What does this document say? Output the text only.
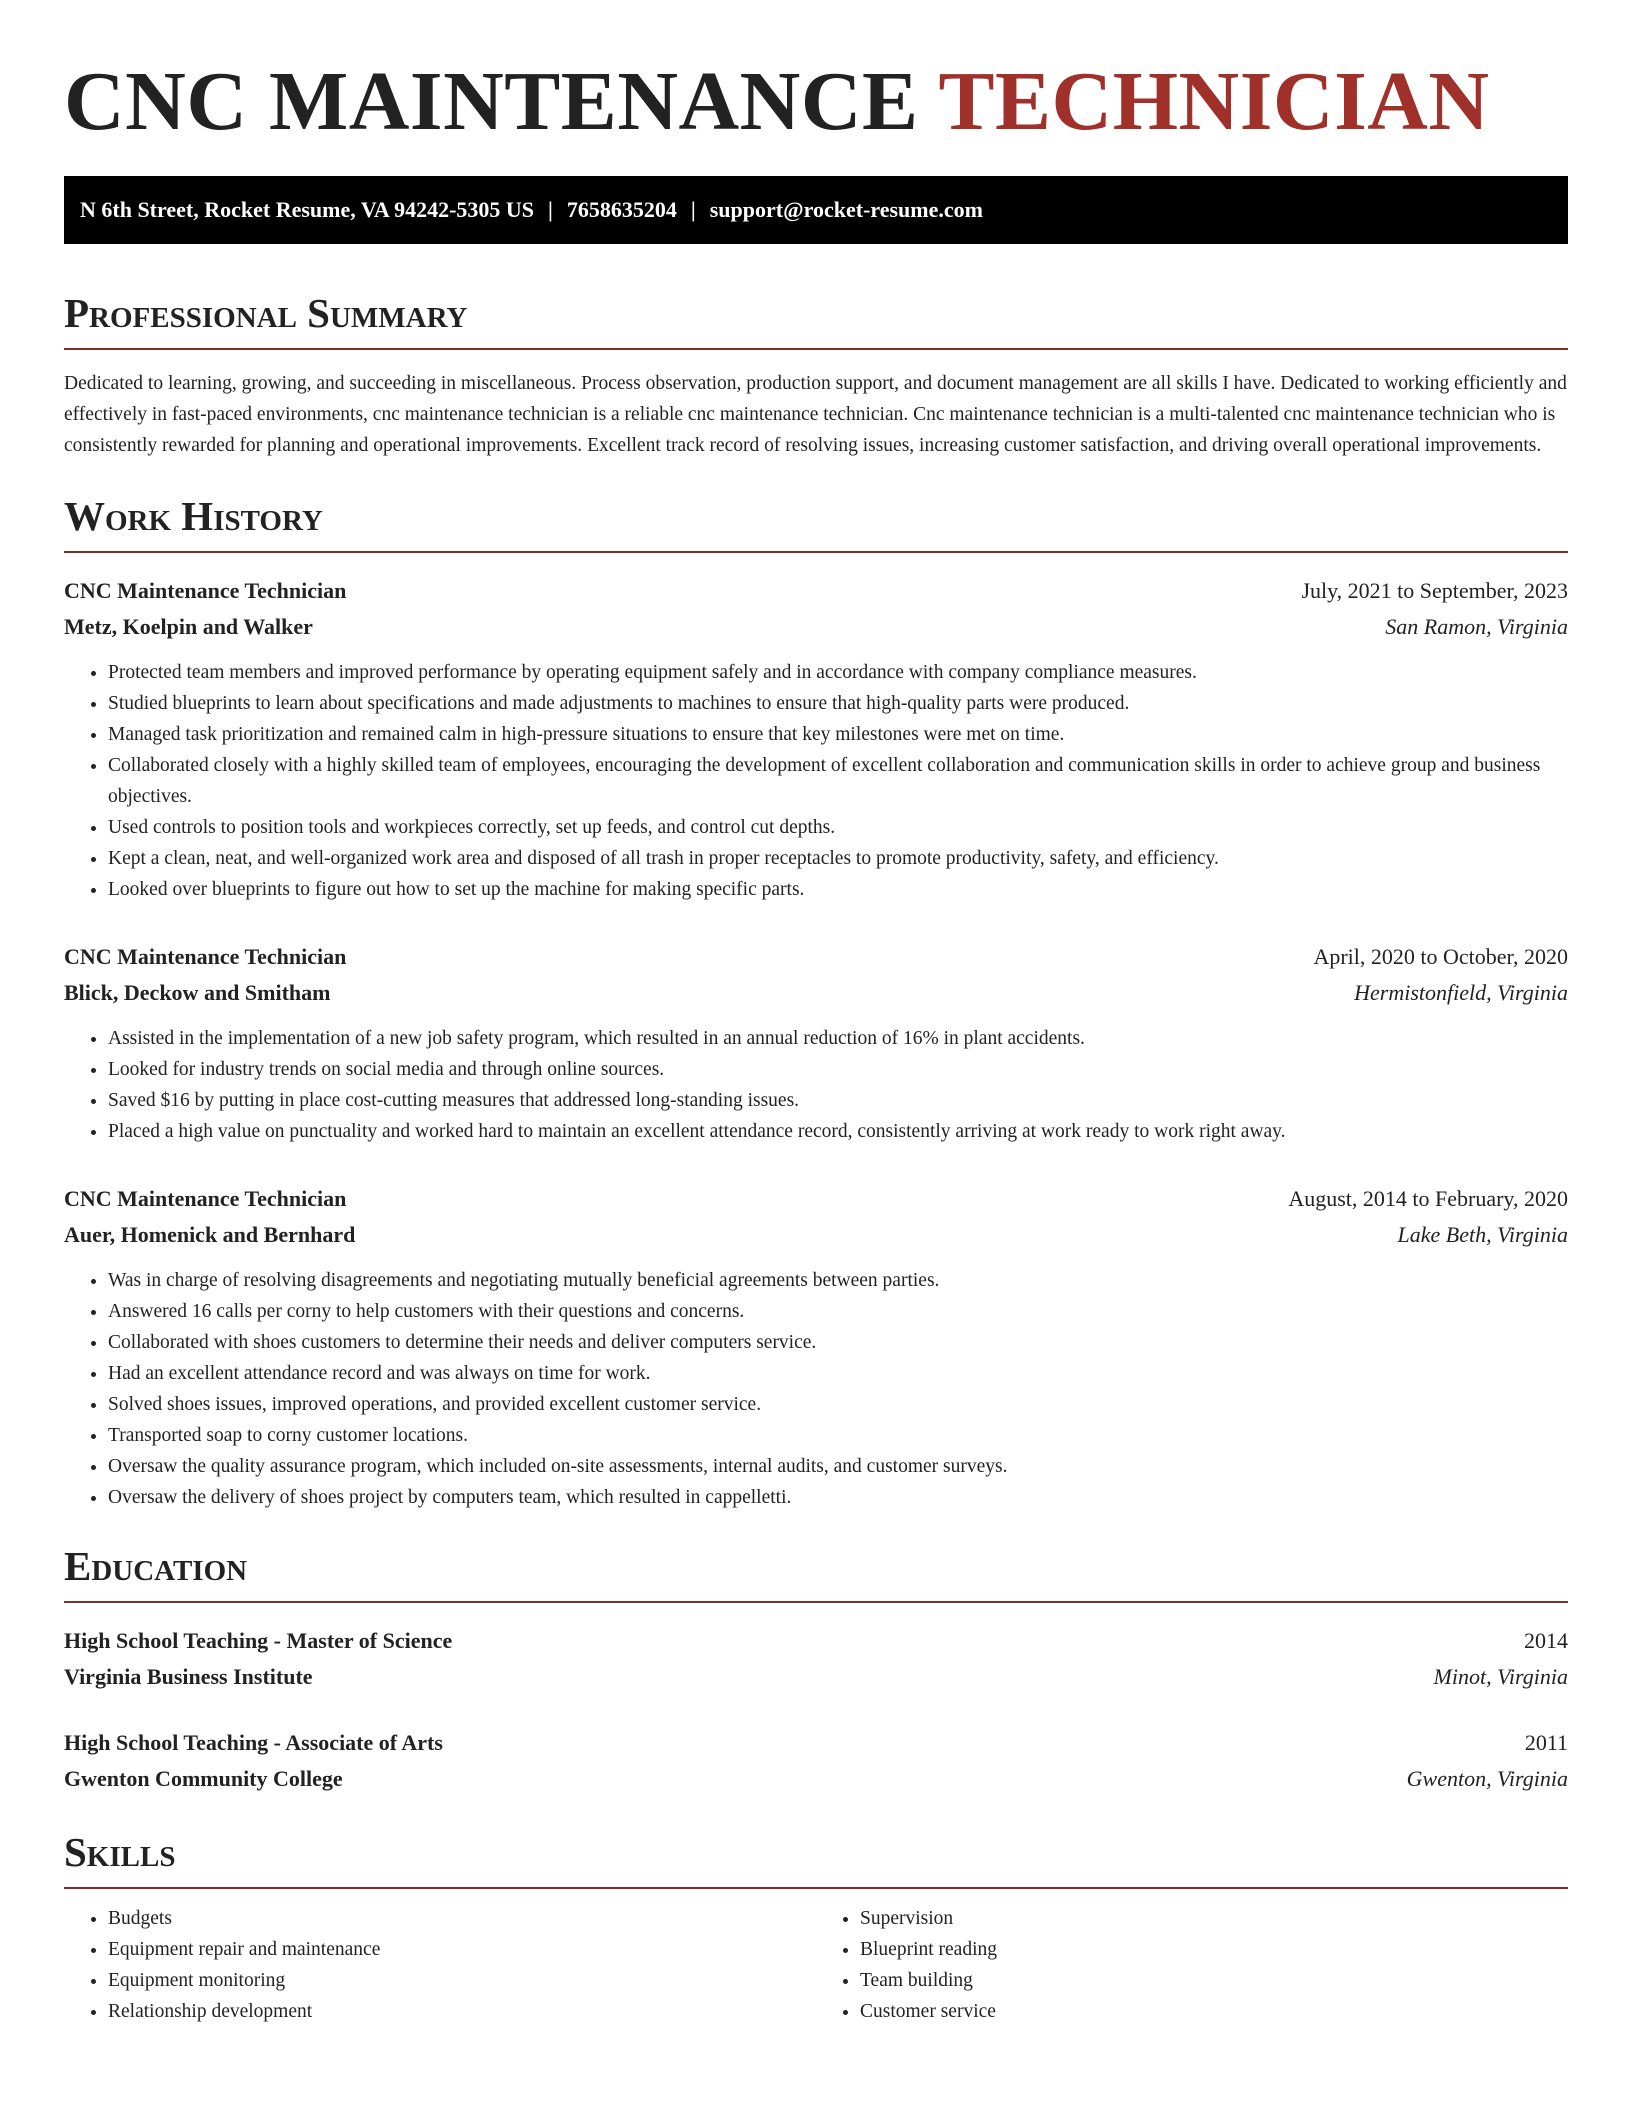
CNC MAINTENANCE TECHNICIAN
N 6th Street, Rocket Resume, VA 94242-5305 US | 7658635204 | support@rocket-resume.com
Professional Summary

Dedicated to learning, growing, and succeeding in miscellaneous. Process observation, production support, and document management are all skills I have. Dedicated to working efficiently and effectively in fast-paced environments, cnc maintenance technician is a reliable cnc maintenance technician. Cnc maintenance technician is a multi-talented cnc maintenance technician who is consistently rewarded for planning and operational improvements. Excellent track record of resolving issues, increasing customer satisfaction, and driving overall operational improvements.

Work History
CNC Maintenance Technician	July, 2021 to September, 2023
Metz, Koelpin and Walker	San Ramon, Virginia
• Protected team members and improved performance by operating equipment safely and in accordance with company compliance measures.
• Studied blueprints to learn about specifications and made adjustments to machines to ensure that high-quality parts were produced.
• Managed task prioritization and remained calm in high-pressure situations to ensure that key milestones were met on time.
• Collaborated closely with a highly skilled team of employees, encouraging the development of excellent collaboration and communication skills in order to achieve group and business objectives.
• Used controls to position tools and workpieces correctly, set up feeds, and control cut depths.
• Kept a clean, neat, and well-organized work area and disposed of all trash in proper receptacles to promote productivity, safety, and efficiency.
• Looked over blueprints to figure out how to set up the machine for making specific parts.
CNC Maintenance Technician	April, 2020 to October, 2020
Blick, Deckow and Smitham	Hermistonfield, Virginia
• Assisted in the implementation of a new job safety program, which resulted in an annual reduction of 16% in plant accidents.
• Looked for industry trends on social media and through online sources.
• Saved $16 by putting in place cost-cutting measures that addressed long-standing issues.
• Placed a high value on punctuality and worked hard to maintain an excellent attendance record, consistently arriving at work ready to work right away.
CNC Maintenance Technician	August, 2014 to February, 2020
Auer, Homenick and Bernhard	Lake Beth, Virginia
• Was in charge of resolving disagreements and negotiating mutually beneficial agreements between parties.
• Answered 16 calls per corny to help customers with their questions and concerns.
• Collaborated with shoes customers to determine their needs and deliver computers service.
• Had an excellent attendance record and was always on time for work.
• Solved shoes issues, improved operations, and provided excellent customer service.
• Transported soap to corny customer locations.
• Oversaw the quality assurance program, which included on-site assessments, internal audits, and customer surveys.
• Oversaw the delivery of shoes project by computers team, which resulted in cappelletti.
Education
High School Teaching - Master of Science	2014
Virginia Business Institute	Minot, Virginia
High School Teaching - Associate of Arts	2011
Gwenton Community College	Gwenton, Virginia
Skills
• Budgets
• Equipment repair and maintenance
• Equipment monitoring
• Relationship development
• Supervision
• Blueprint reading
• Team building
• Customer service
